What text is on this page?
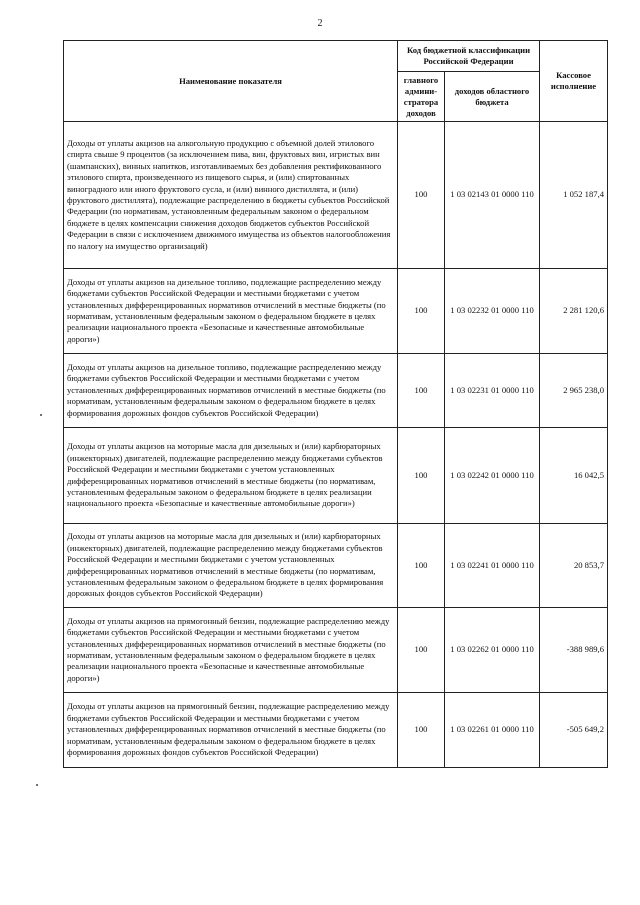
2
Наименование показателя	Код бюджетной классификации Российской Федерации		Кассовое исполнение
	главного админи-стратора доходов	доходов областного бюджета	
Доходы от уплаты акцизов на алкогольную продукцию с объемной долей этилового спирта свыше 9 процентов (за исключением пива, вин, фруктовых вин, игристых вин (шампанских), винных напитков, изготавливаемых без добавления ректификованного этилового спирта, произведенного из пищевого сырья, и (или) спиртованных виноградного или иного фруктового сусла, и (или) винного дистиллята, и (или) фруктового дистиллята), подлежащие распределению в бюджеты субъектов Российской Федерации (по нормативам, установленным федеральным законом о федеральном бюджете в целях компенсации снижения доходов бюджетов субъектов Российской Федерации в связи с исключением движимого имущества из объектов налогообложения по налогу на имущество организаций)	100	1 03 02143 01 0000 110	1 052 187,4
Доходы от уплаты акцизов на дизельное топливо, подлежащие распределению между бюджетами субъектов Российской Федерации и местными бюджетами с учетом установленных дифференцированных нормативов отчислений в местные бюджеты (по нормативам, установленным федеральным законом о федеральном бюджете в целях реализации национального проекта «Безопасные и качественные автомобильные дороги»)	100	1 03 02232 01 0000 110	2 281 120,6
Доходы от уплаты акцизов на дизельное топливо, подлежащие распределению между бюджетами субъектов Российской Федерации и местными бюджетами с учетом установленных дифференцированных нормативов отчислений в местные бюджеты (по нормативам, установленным федеральным законом о федеральном бюджете в целях формирования дорожных фондов субъектов Российской Федерации)	100	1 03 02231 01 0000 110	2 965 238,0
Доходы от уплаты акцизов на моторные масла для дизельных и (или) карбюраторных (инжекторных) двигателей, подлежащие распределению между бюджетами субъектов Российской Федерации и местными бюджетами с учетом установленных дифференцированных нормативов отчислений в местные бюджеты (по нормативам, установленным федеральным законом о федеральном бюджете в целях реализации национального проекта «Безопасные и качественные автомобильные дороги»)	100	1 03 02242 01 0000 110	16 042,5
Доходы от уплаты акцизов на моторные масла для дизельных и (или) карбюраторных (инжекторных) двигателей, подлежащие распределению между бюджетами субъектов Российской Федерации и местными бюджетами с учетом установленных дифференцированных нормативов отчислений в местные бюджеты (по нормативам, установленным федеральным законом о федеральном бюджете в целях формирования дорожных фондов субъектов Российской Федерации)	100	1 03 02241 01 0000 110	20 853,7
Доходы от уплаты акцизов на прямогонный бензин, подлежащие распределению между бюджетами субъектов Российской Федерации и местными бюджетами с учетом установленных дифференцированных нормативов отчислений в местные бюджеты (по нормативам, установленным федеральным законом о федеральном бюджете в целях реализации национального проекта «Безопасные и качественные автомобильные дороги»)	100	1 03 02262 01 0000 110	-388 989,6
Доходы от уплаты акцизов на прямогонный бензин, подлежащие распределению между бюджетами субъектов Российской Федерации и местными бюджетами с учетом установленных дифференцированных нормативов отчислений в местные бюджеты (по нормативам, установленным федеральным законом о федеральном бюджете в целях формирования дорожных фондов субъектов Российской Федерации)	100	1 03 02261 01 0000 110	-505 649,2
